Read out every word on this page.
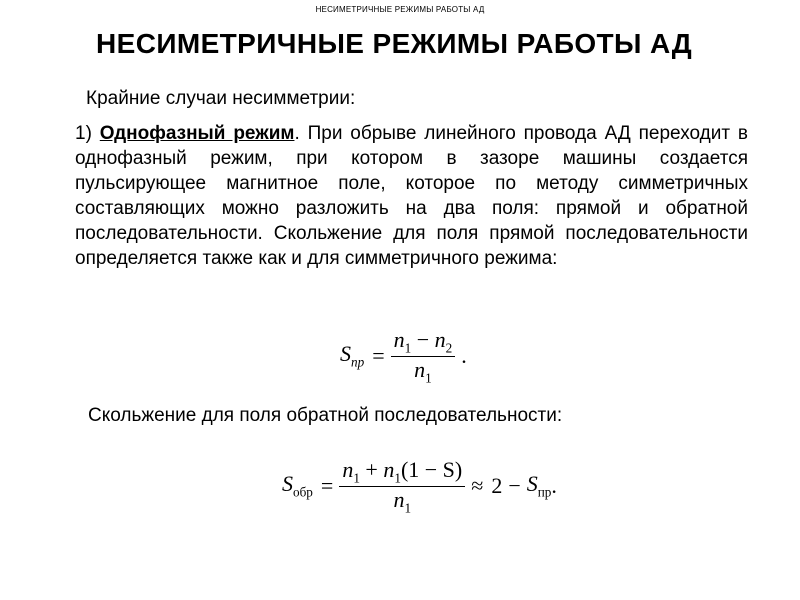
НЕСИМЕТРИЧНЫЕ РЕЖИМЫ РАБОТЫ АД
НЕСИМЕТРИЧНЫЕ РЕЖИМЫ РАБОТЫ АД
Крайние случаи несимметрии:
1) Однофазный режим. При обрыве линейного провода АД переходит в однофазный режим, при котором в зазоре машины создается пульсирующее магнитное поле, которое по методу симметричных составляющих можно разложить на два поля: прямой и обратной последовательности. Скольжение для поля прямой последовательности определяется также как и для симметричного режима:
$S_{пр} = \frac{n_1 - n_2}{n_1}$ .
Скольжение для поля обратной последовательности:
$S_{обр} = \frac{n_1 + n_1(1 - S)}{n_1} \approx 2 - S_{пр}$ .
